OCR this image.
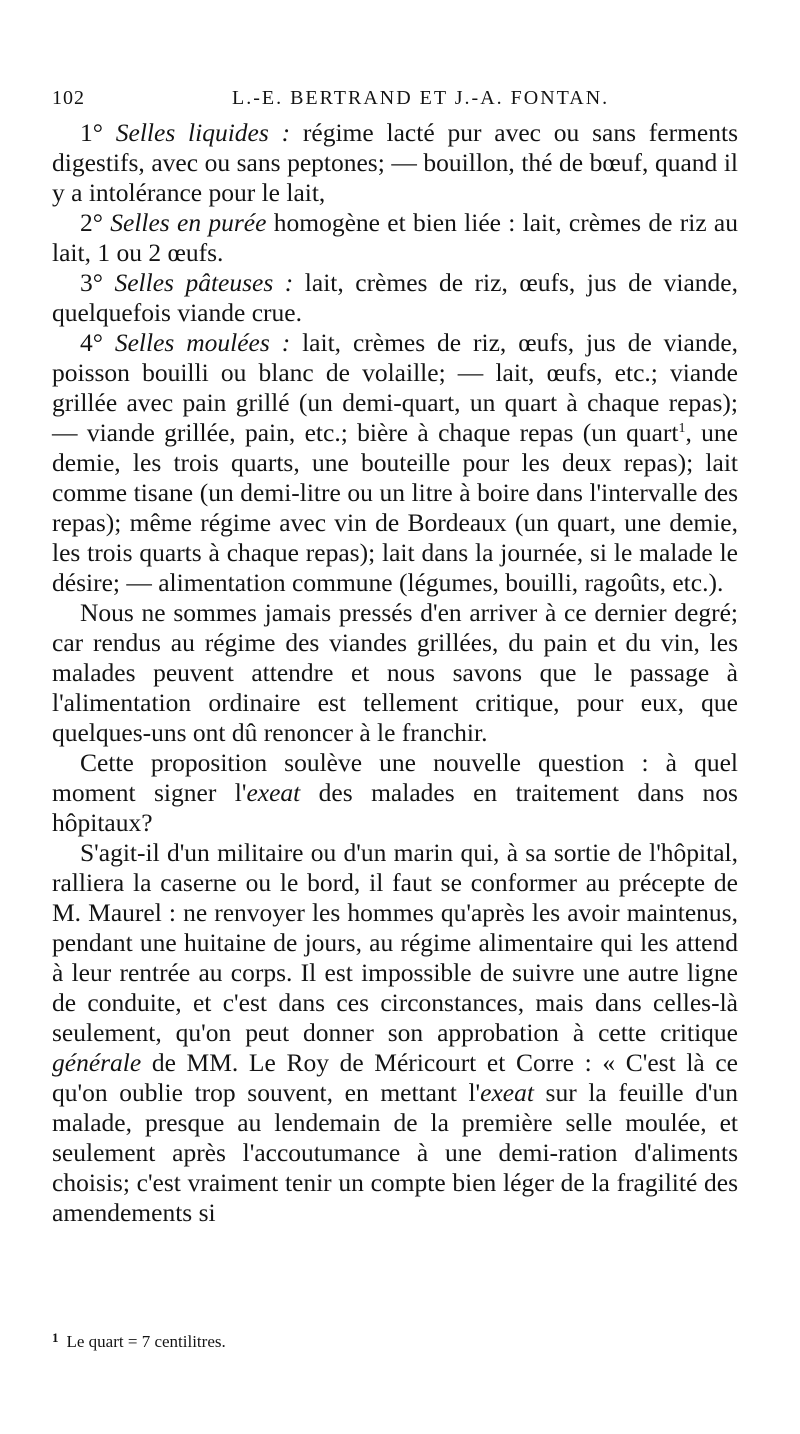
102	L.-E. BERTRAND ET J.-A. FONTAN.

1° Selles liquides : régime lacté pur avec ou sans ferments digestifs, avec ou sans peptones; — bouillon, thé de bœuf, quand il y a intolérance pour le lait,

2° Selles en purée homogène et bien liée : lait, crèmes de riz au lait, 1 ou 2 œufs.

3° Selles pâteuses : lait, crèmes de riz, œufs, jus de viande, quelquefois viande crue.

4° Selles moulées : lait, crèmes de riz, œufs, jus de viande, poisson bouilli ou blanc de volaille; — lait, œufs, etc.; viande grillée avec pain grillé (un demi-quart, un quart à chaque repas); — viande grillée, pain, etc.; bière à chaque repas (un quart$^1$, une demie, les trois quarts, une bouteille pour les deux repas); lait comme tisane (un demi-litre ou un litre à boire dans l'intervalle des repas); même régime avec vin de Bordeaux (un quart, une demie, les trois quarts à chaque repas); lait dans la journée, si le malade le désire; — alimentation commune (légumes, bouilli, ragoûts, etc.).

Nous ne sommes jamais pressés d'en arriver à ce dernier degré; car rendus au régime des viandes grillées, du pain et du vin, les malades peuvent attendre et nous savons que le passage à l'alimentation ordinaire est tellement critique, pour eux, que quelques-uns ont dû renoncer à le franchir.

Cette proposition soulève une nouvelle question : à quel moment signer l'exeat des malades en traitement dans nos hôpitaux?

S'agit-il d'un militaire ou d'un marin qui, à sa sortie de l'hôpital, ralliera la caserne ou le bord, il faut se conformer au précepte de M. Maurel : ne renvoyer les hommes qu'après les avoir maintenus, pendant une huitaine de jours, au régime alimentaire qui les attend à leur rentrée au corps. Il est impossible de suivre une autre ligne de conduite, et c'est dans ces circonstances, mais dans celles-là seulement, qu'on peut donner son approbation à cette critique générale de MM. Le Roy de Méricourt et Corre : « C'est là ce qu'on oublie trop souvent, en mettant l'exeat sur la feuille d'un malade, presque au lendemain de la première selle moulée, et seulement après l'accoutumance à une demi-ration d'aliments choisis; c'est vraiment tenir un compte bien léger de la fragilité des amendements si

$^1$ Le quart = 7 centilitres.
